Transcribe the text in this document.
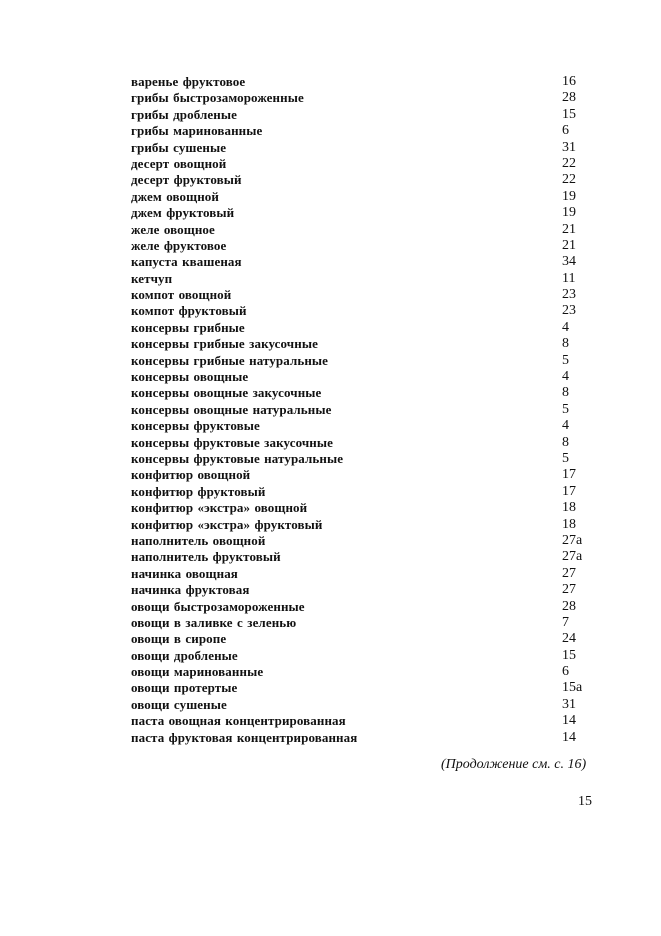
варенье фруктовое	16
грибы быстрозамороженные	28
грибы дробленые	15
грибы маринованные	6
грибы сушеные	31
десерт овощной	22
десерт фруктовый	22
джем овощной	19
джем фруктовый	19
желе овощное	21
желе фруктовое	21
капуста квашеная	34
кетчуп	11
компот овощной	23
компот фруктовый	23
консервы грибные	4
консервы грибные закусочные	8
консервы грибные натуральные	5
консервы овощные	4
консервы овощные закусочные	8
консервы овощные натуральные	5
консервы фруктовые	4
консервы фруктовые закусочные	8
консервы фруктовые натуральные	5
конфитюр овощной	17
конфитюр фруктовый	17
конфитюр «экстра» овощной	18
конфитюр «экстра» фруктовый	18
наполнитель овощной	27а
наполнитель фруктовый	27а
начинка овощная	27
начинка фруктовая	27
овощи быстрозамороженные	28
овощи в заливке с зеленью	7
овощи в сиропе	24
овощи дробленые	15
овощи маринованные	6
овощи протертые	15а
овощи сушеные	31
паста овощная концентрированная	14
паста фруктовая концентрированная	14
(Продолжение см. с. 16)
15
